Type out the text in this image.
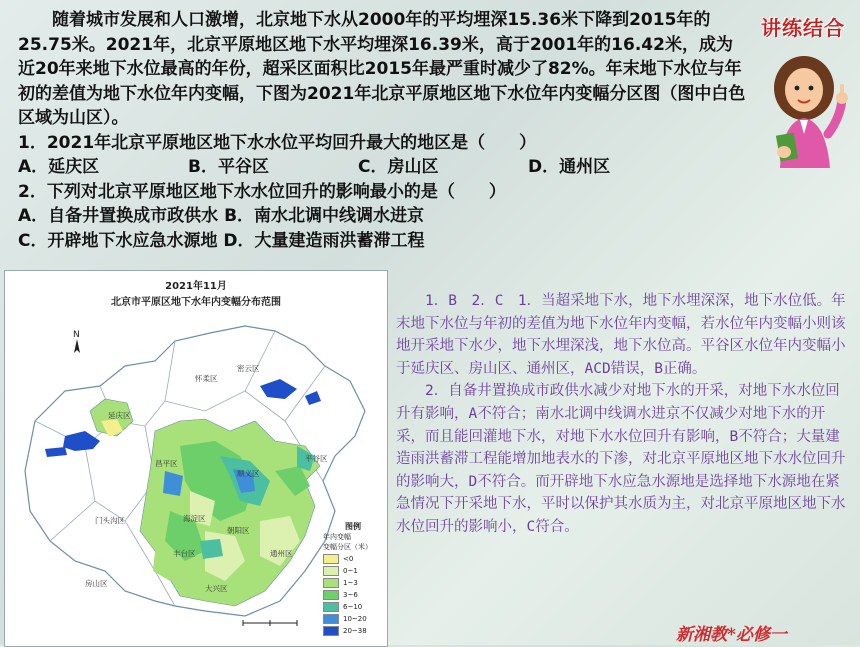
随着城市发展和人口激增，北京地下水从2000年的平均埋深15.36米下降到2015年的25.75米。2021年，北京平原地区地下水平均埋深16.39米，高于2001年的16.42米，成为近20年来地下水位最高的年份，超采区面积比2015年最严重时减少了82%。年末地下水位与年初的差值为地下水位年内变幅，下图为2021年北京平原地区地下水位年内变幅分区图（图中白色区域为山区）。

1．2021年北京平原地区地下水水位平均回升最大的地区是（　　）

A．延庆区	B．平谷区	C．房山区	D．通州区

2．下列对北京平原地区地下水水位回升的影响最小的是（　　）

A．自备井置换成市政供水 B．南水北调中线调水进京

C．开辟地下水应急水源地 D．大量建造雨洪蓄滞工程

讲练结合
2021年11月
北京市平原区地下水年内变幅分布范围
N
延庆区
怀柔区
密云区
平谷区
顺义区
昌平区
海淀区
朝阳区
门头沟区
丰台区	通州区
房山区
大兴区
图例
年内变幅
变幅分区（米）
<0
0~1
1~3
3~6
6~10
10~20
20~38

1．B　2．C　1．当超采地下水，地下水埋深深，地下水位低。年末地下水位与年初的差值为地下水位年内变幅，若水位年内变幅小则该地开采地下水少，地下水埋深浅，地下水位高。平谷区水位年内变幅小于延庆区、房山区、通州区，ACD错误，B正确。

2．自备井置换成市政供水减少对地下水的开采，对地下水水位回升有影响，A不符合；南水北调中线调水进京不仅减少对地下水的开采，而且能回灌地下水，对地下水水位回升有影响，B不符合；大量建造雨洪蓄滞工程能增加地表水的下渗，对北京平原地区地下水水位回升的影响大，D不符合。而开辟地下水应急水源地是选择地下水源地在紧急情况下开采地下水，平时以保护其水质为主，对北京平原地区地下水水位回升的影响小，C符合。

新湘教*必修一
